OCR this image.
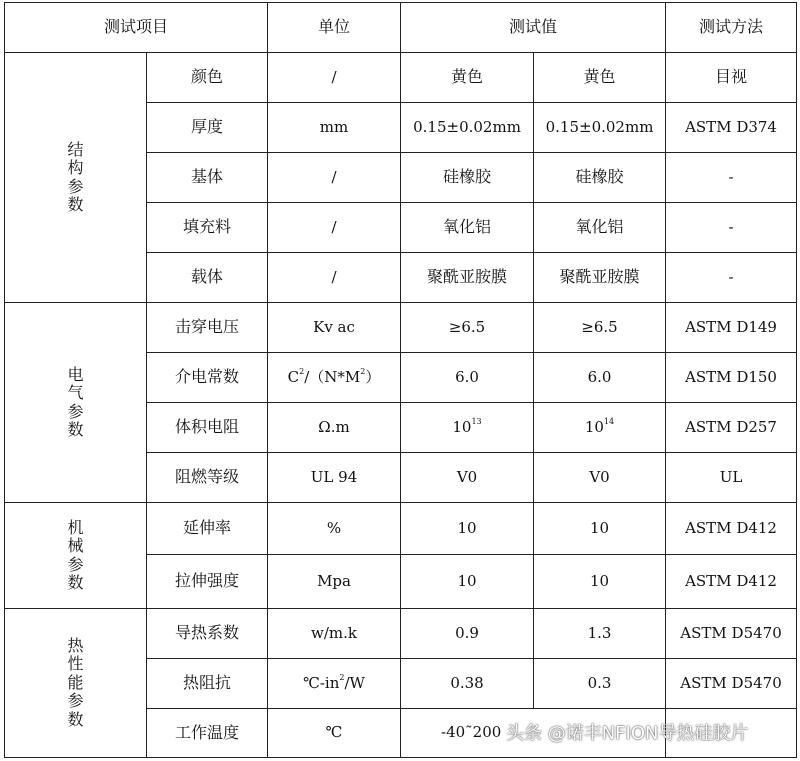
测试项目		单位	测试值		测试方法

结
构
参
数	颜色	/	黄色	黄色	目视
	厚度	mm	0.15±0.02mm	0.15±0.02mm	ASTM D374
	基体	/	硅橡胶	硅橡胶	-
	填充料	/	氧化铝	氧化铝	-
	载体	/	聚酰亚胺膜	聚酰亚胺膜	-

电
气
参
数	击穿电压	Kv ac	≥6.5	≥6.5	ASTM D149
	介电常数	$C^2/(N*M^2)$	6.0	6.0	ASTM D150
	体积电阻	Ω.m	$10^{13}$	$10^{14}$	ASTM D257
	阻燃等级	UL 94	V0	V0	UL

机
械
参
数	延伸率	%	10	10	ASTM D412
	拉伸强度	Mpa	10	10	ASTM D412

热
性
能
参
数	导热系数	w/m.k	0.9	1.3	ASTM D5470
	热阻抗	$℃-in^2/W$	0.38	0.3	ASTM D5470
	工作温度	℃	-40˜200		头条 @诺丰NFION导热硅胶片
